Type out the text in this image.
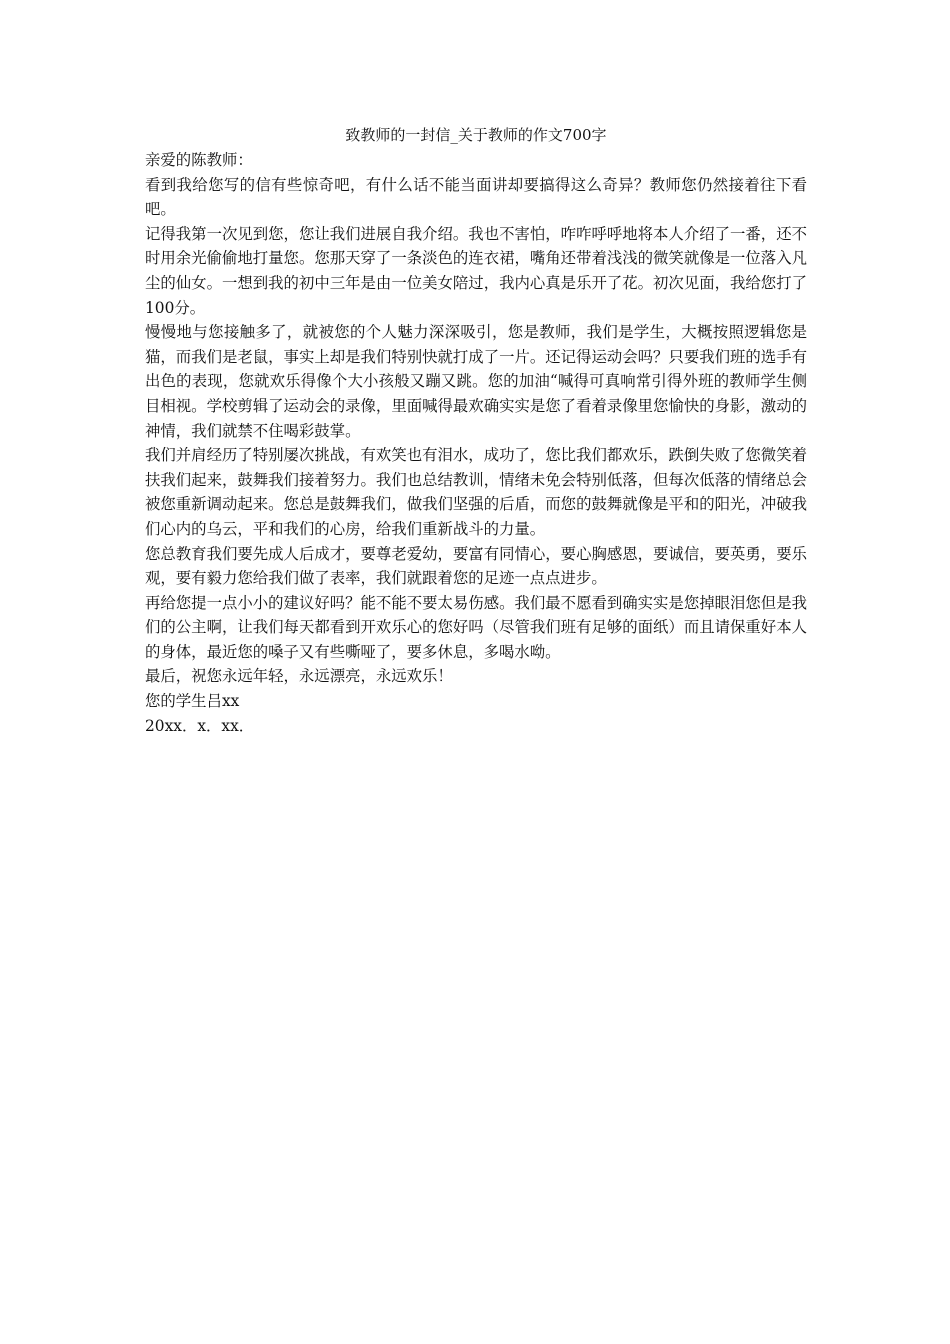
致教师的一封信_关于教师的作文700字

亲爱的陈教师：

看到我给您写的信有些惊奇吧，有什么话不能当面讲却要搞得这么奇异？教师您仍然接着往下看吧。

记得我第一次见到您，您让我们进展自我介绍。我也不害怕，咋咋呼呼地将本人介绍了一番，还不时用余光偷偷地打量您。您那天穿了一条淡色的连衣裙，嘴角还带着浅浅的微笑就像是一位落入凡尘的仙女。一想到我的初中三年是由一位美女陪过，我内心真是乐开了花。初次见面，我给您打了100分。

慢慢地与您接触多了，就被您的个人魅力深深吸引，您是教师，我们是学生，大概按照逻辑您是猫，而我们是老鼠，事实上却是我们特别快就打成了一片。还记得运动会吗？只要我们班的选手有出色的表现，您就欢乐得像个大小孩般又蹦又跳。您的加油“喊得可真响常引得外班的教师学生侧目相视。学校剪辑了运动会的录像，里面喊得最欢确实实是您了看着录像里您愉快的身影，激动的神情，我们就禁不住喝彩鼓掌。

我们并肩经历了特别屡次挑战，有欢笑也有泪水，成功了，您比我们都欢乐，跌倒失败了您微笑着扶我们起来，鼓舞我们接着努力。我们也总结教训，情绪未免会特别低落，但每次低落的情绪总会被您重新调动起来。您总是鼓舞我们，做我们坚强的后盾，而您的鼓舞就像是平和的阳光，冲破我们心内的乌云，平和我们的心房，给我们重新战斗的力量。

您总教育我们要先成人后成才，要尊老爱幼，要富有同情心，要心胸感恩，要诚信，要英勇，要乐观，要有毅力您给我们做了表率，我们就跟着您的足迹一点点进步。

再给您提一点小小的建议好吗？能不能不要太易伤感。我们最不愿看到确实实是您掉眼泪您但是我们的公主啊，让我们每天都看到开欢乐心的您好吗（尽管我们班有足够的面纸）而且请保重好本人的身体，最近您的嗓子又有些嘶哑了，要多休息，多喝水呦。

最后，祝您永远年轻，永远漂亮，永远欢乐！

您的学生吕xx

20xx．x．xx．
